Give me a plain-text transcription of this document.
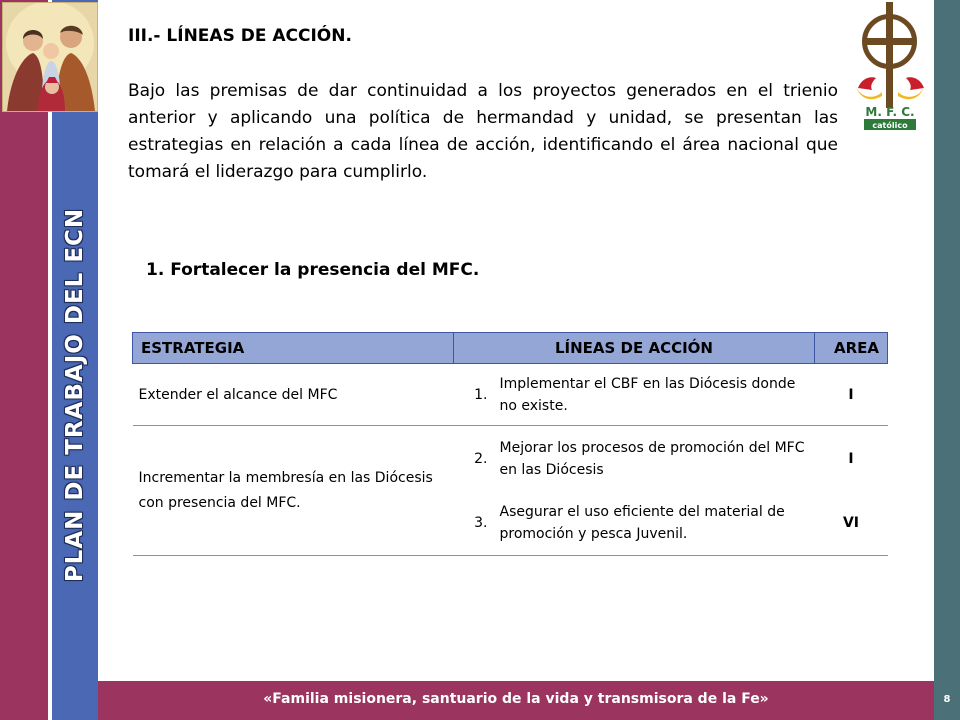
PLAN DE TRABAJO DEL ECN
III.- LÍNEAS DE ACCIÓN.
Bajo las premisas de dar continuidad a los proyectos generados en el trienio anterior y aplicando una política de hermandad y unidad, se presentan las estrategias en relación a cada línea de acción, identificando el área nacional que tomará el liderazgo para cumplirlo.
M. F. C.
católico
1. Fortalecer la presencia del MFC.
ESTRATEGIA	LÍNEAS DE ACCIÓN		AREA
Extender el alcance del MFC	1.	Implementar el CBF en las Diócesis donde no existe.	I
Incrementar la membresía en las Diócesis con presencia del MFC.	2.	Mejorar los procesos de promoción del MFC en las Diócesis	I
	3.	Asegurar el uso eficiente del material de promoción y pesca Juvenil.	VI
«Familia misionera, santuario de la vida y transmisora de la Fe»	8
